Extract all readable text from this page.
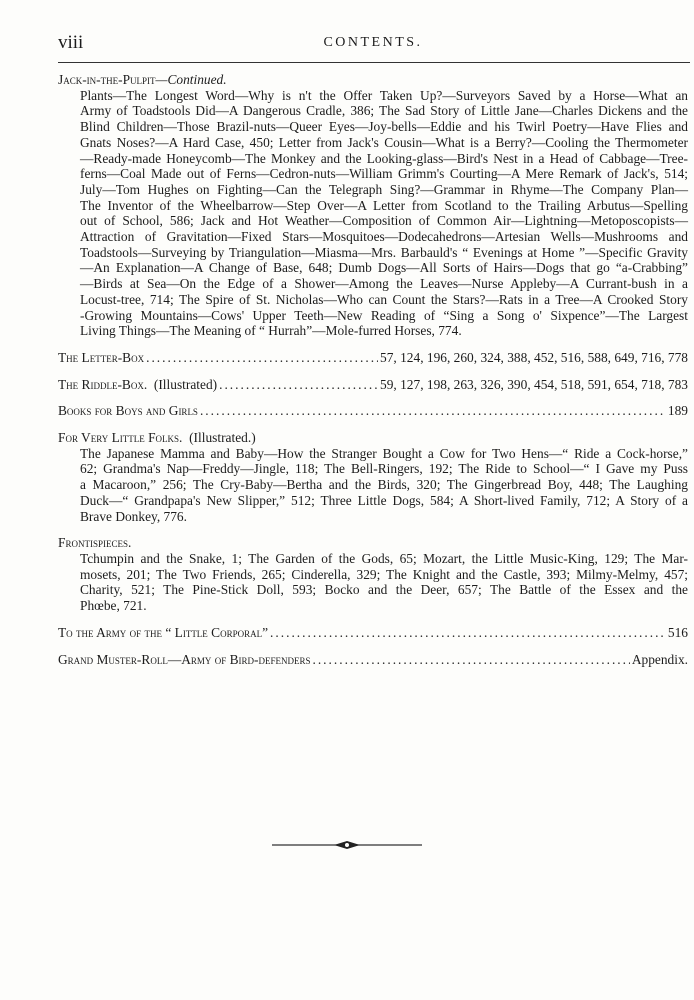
viii	CONTENTS.
Jack-in-the-Pulpit—Continued.
Plants—The Longest Word—Why is n't the Offer Taken Up?—Surveyors Saved by a Horse—What an
Army of Toadstools Did—A Dangerous Cradle, 386; The Sad Story of Little Jane—Charles Dickens and the
Blind Children—Those Brazil-nuts—Queer Eyes—Joy-bells—Eddie and his Twirl Poetry—Have Flies and
Gnats Noses?—A Hard Case, 450; Letter from Jack's Cousin—What is a Berry?—Cooling the Thermometer
—Ready-made Honeycomb—The Monkey and the Looking-glass—Bird's Nest in a Head of Cabbage—Tree-
ferns—Coal Made out of Ferns—Cedron-nuts—William Grimm's Courting—A Mere Remark of Jack's, 514;
July—Tom Hughes on Fighting—Can the Telegraph Sing?—Grammar in Rhyme—The Company Plan—
The Inventor of the Wheelbarrow—Step Over—A Letter from Scotland to the Trailing Arbutus—Spelling
out of School, 586; Jack and Hot Weather—Composition of Common Air—Lightning—Metoposcopists—
Attraction of Gravitation—Fixed Stars—Mosquitoes—Dodecahedrons—Artesian Wells—Mushrooms and
Toadstools—Surveying by Triangulation—Miasma—Mrs. Barbauld's “ Evenings at Home ”—Specific Gravity
—An Explanation—A Change of Base, 648; Dumb Dogs—All Sorts of Hairs—Dogs that go “a-Crabbing”
—Birds at Sea—On the Edge of a Shower—Among the Leaves—Nurse Appleby—A Currant-bush in a
Locust-tree, 714; The Spire of St. Nicholas—Who can Count the Stars?—Rats in a Tree—A Crooked Story
-Growing Mountains—Cows' Upper Teeth—New Reading of “Sing a Song o' Sixpence”—The Largest
Living Things—The Meaning of “ Hurrah”—Mole-furred Horses, 774.
The Letter-Box .....	57, 124, 196, 260, 324, 388, 452, 516, 588, 649, 716, 778
The Riddle-Box. (Illustrated) .....	59, 127, 198, 263, 326, 390, 454, 518, 591, 654, 718, 783
Books for Boys and Girls .....	189
For Very Little Folks. (Illustrated.)
The Japanese Mamma and Baby—How the Stranger Bought a Cow for Two Hens—“ Ride a Cock-horse,”
62; Grandma's Nap—Freddy—Jingle, 118; The Bell-Ringers, 192; The Ride to School—“ I Gave my Puss
a Macaroon,” 256; The Cry-Baby—Bertha and the Birds, 320; The Gingerbread Boy, 448; The Laughing
Duck—“ Grandpapa's New Slipper,” 512; Three Little Dogs, 584; A Short-lived Family, 712; A Story of a
Brave Donkey, 776.
Frontispieces.
Tchumpin and the Snake, 1; The Garden of the Gods, 65; Mozart, the Little Music-King, 129; The Mar-
mosets, 201; The Two Friends, 265; Cinderella, 329; The Knight and the Castle, 393; Milmy-Melmy, 457;
Charity, 521; The Pine-Stick Doll, 593; Bocko and the Deer, 657; The Battle of the Essex and the
Phœbe, 721.
To the Army of the “ Little Corporal” .....	516
Grand Muster-Roll—Army of Bird-defenders .....	Appendix.
